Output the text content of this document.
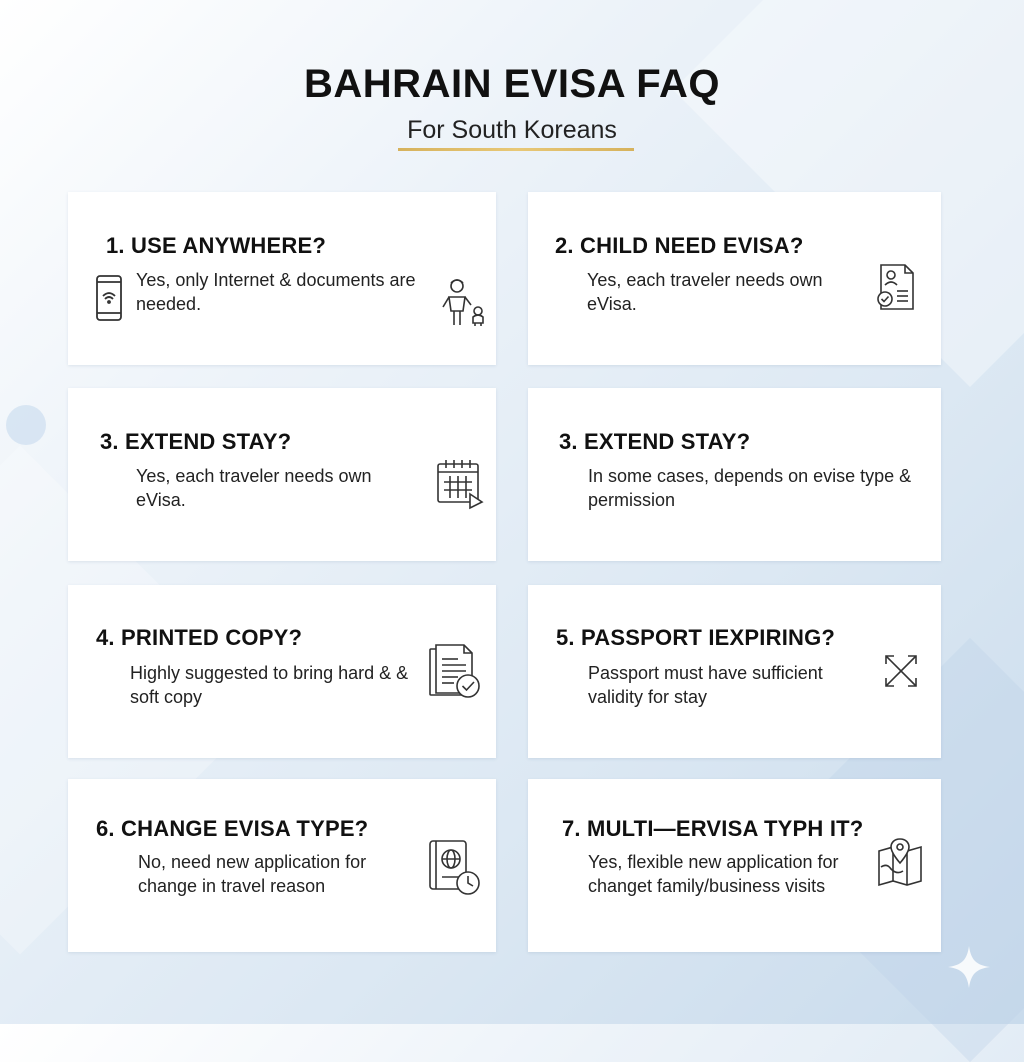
BAHRAIN EVISA FAQ
For South Koreans
1. USE ANYWHERE?
Yes, only Internet & documents are needed.
2. CHILD NEED EVISA?
Yes, each traveler needs own eVisa.
3. EXTEND STAY?
Yes, each traveler needs own eVisa.
3. EXTEND STAY?
In some cases, depends on evise type & permission
4. PRINTED COPY?
Highly suggested to bring hard & & soft copy
5. PASSPORT IEXPIRING?
Passport must have sufficient validity for stay
6. CHANGE EVISA TYPE?
No, need new application for change in travel reason
7. MULTI—ERVISA TYPH IT?
Yes, flexible new application for changet family/business visits
